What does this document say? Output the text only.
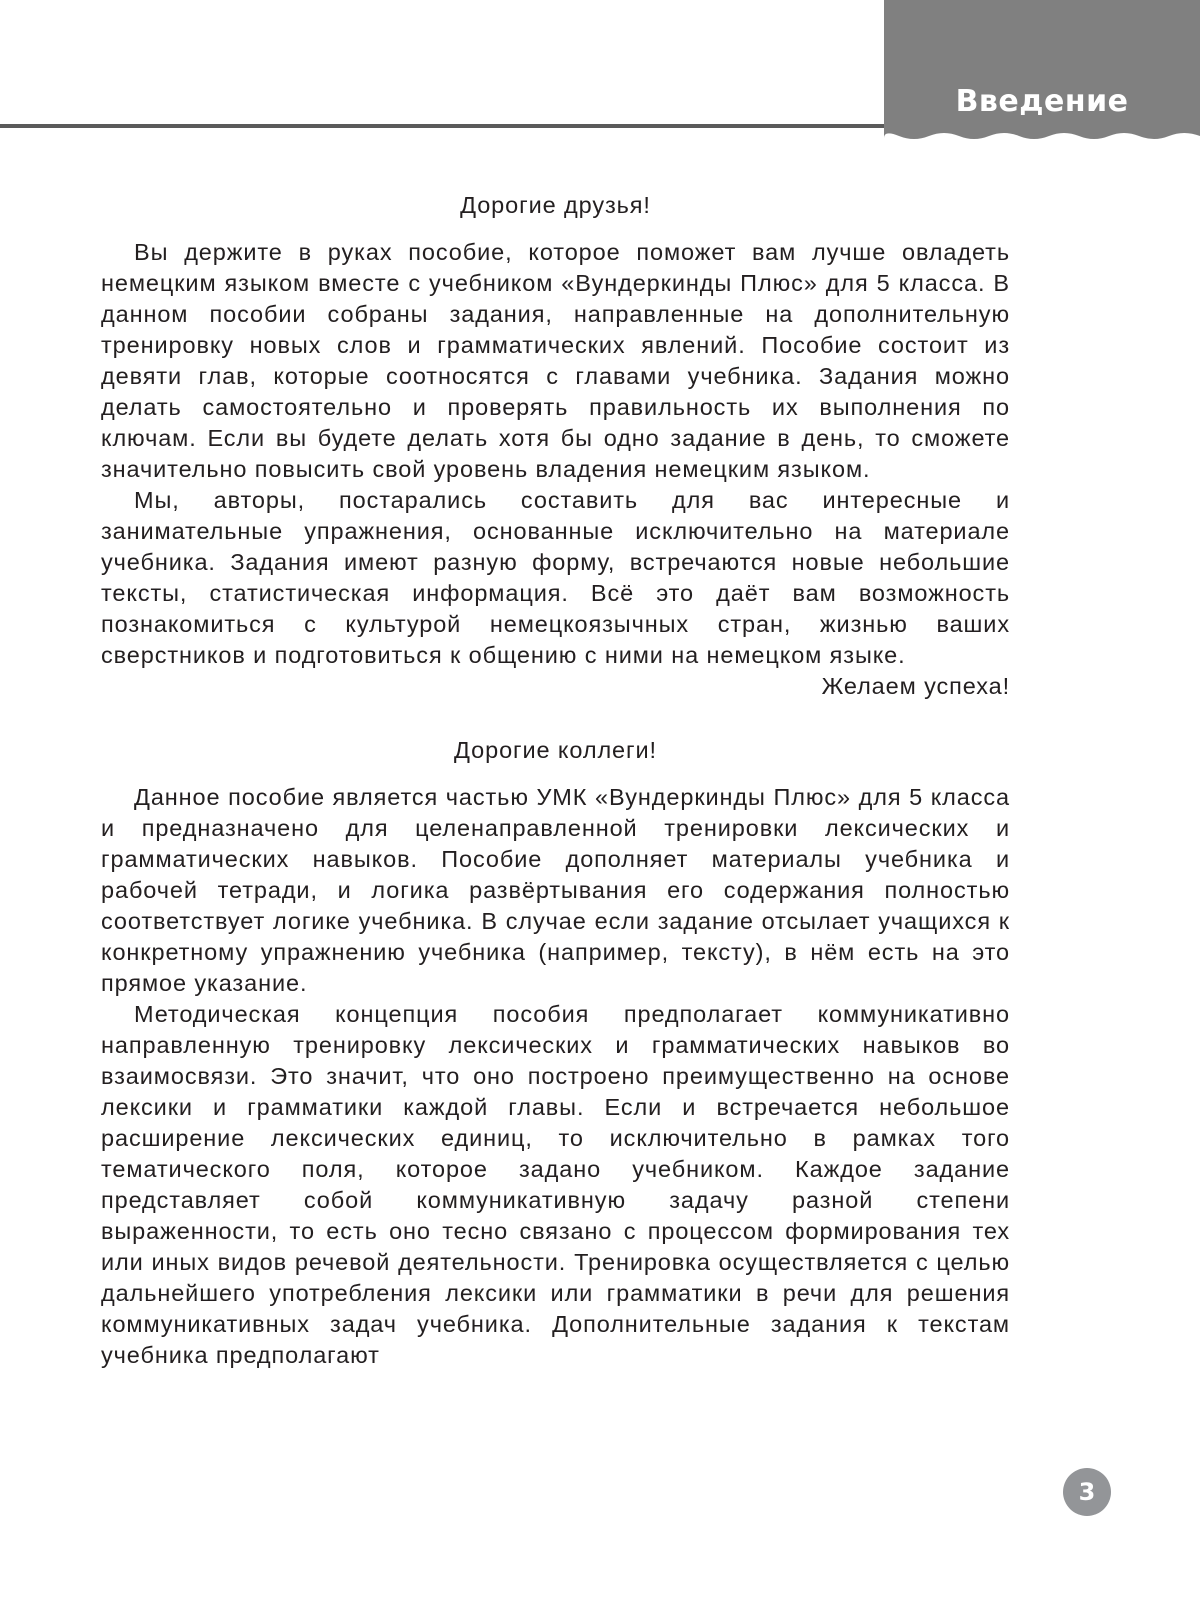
Введение
Дорогие друзья!

Вы держите в руках пособие, которое поможет вам лучше овладеть немецким языком вместе с учебником «Вундеркинды Плюс» для 5 класса. В данном пособии собраны задания, направленные на дополнительную тренировку новых слов и грамматических явлений. Пособие состоит из девяти глав, которые соотносятся с главами учебника. Задания можно делать самостоятельно и проверять правильность их выполнения по ключам. Если вы будете делать хотя бы одно задание в день, то сможете значительно повысить свой уровень владения немецким языком.

Мы, авторы, постарались составить для вас интересные и занимательные упражнения, основанные исключительно на материале учебника. Задания имеют разную форму, встречаются новые небольшие тексты, статистическая информация. Всё это даёт вам возможность познакомиться с культурой немецкоязычных стран, жизнью ваших сверстников и подготовиться к общению с ними на немецком языке.

Желаем успеха!

Дорогие коллеги!

Данное пособие является частью УМК «Вундеркинды Плюс» для 5 класса и предназначено для целенаправленной тренировки лексических и грамматических навыков. Пособие дополняет материалы учебника и рабочей тетради, и логика развёртывания его содержания полностью соответствует логике учебника. В случае если задание отсылает учащихся к конкретному упражнению учебника (например, тексту), в нём есть на это прямое указание.

Методическая концепция пособия предполагает коммуникативно направленную тренировку лексических и грамматических навыков во взаимосвязи. Это значит, что оно построено преимущественно на основе лексики и грамматики каждой главы. Если и встречается небольшое расширение лексических единиц, то исключительно в рамках того тематического поля, которое задано учебником. Каждое задание представляет собой коммуникативную задачу разной степени выраженности, то есть оно тесно связано с процессом формирования тех или иных видов речевой деятельности. Тренировка осуществляется с целью дальнейшего употребления лексики или грамматики в речи для решения коммуникативных задач учебника. Дополнительные задания к текстам учебника предполагают

3
